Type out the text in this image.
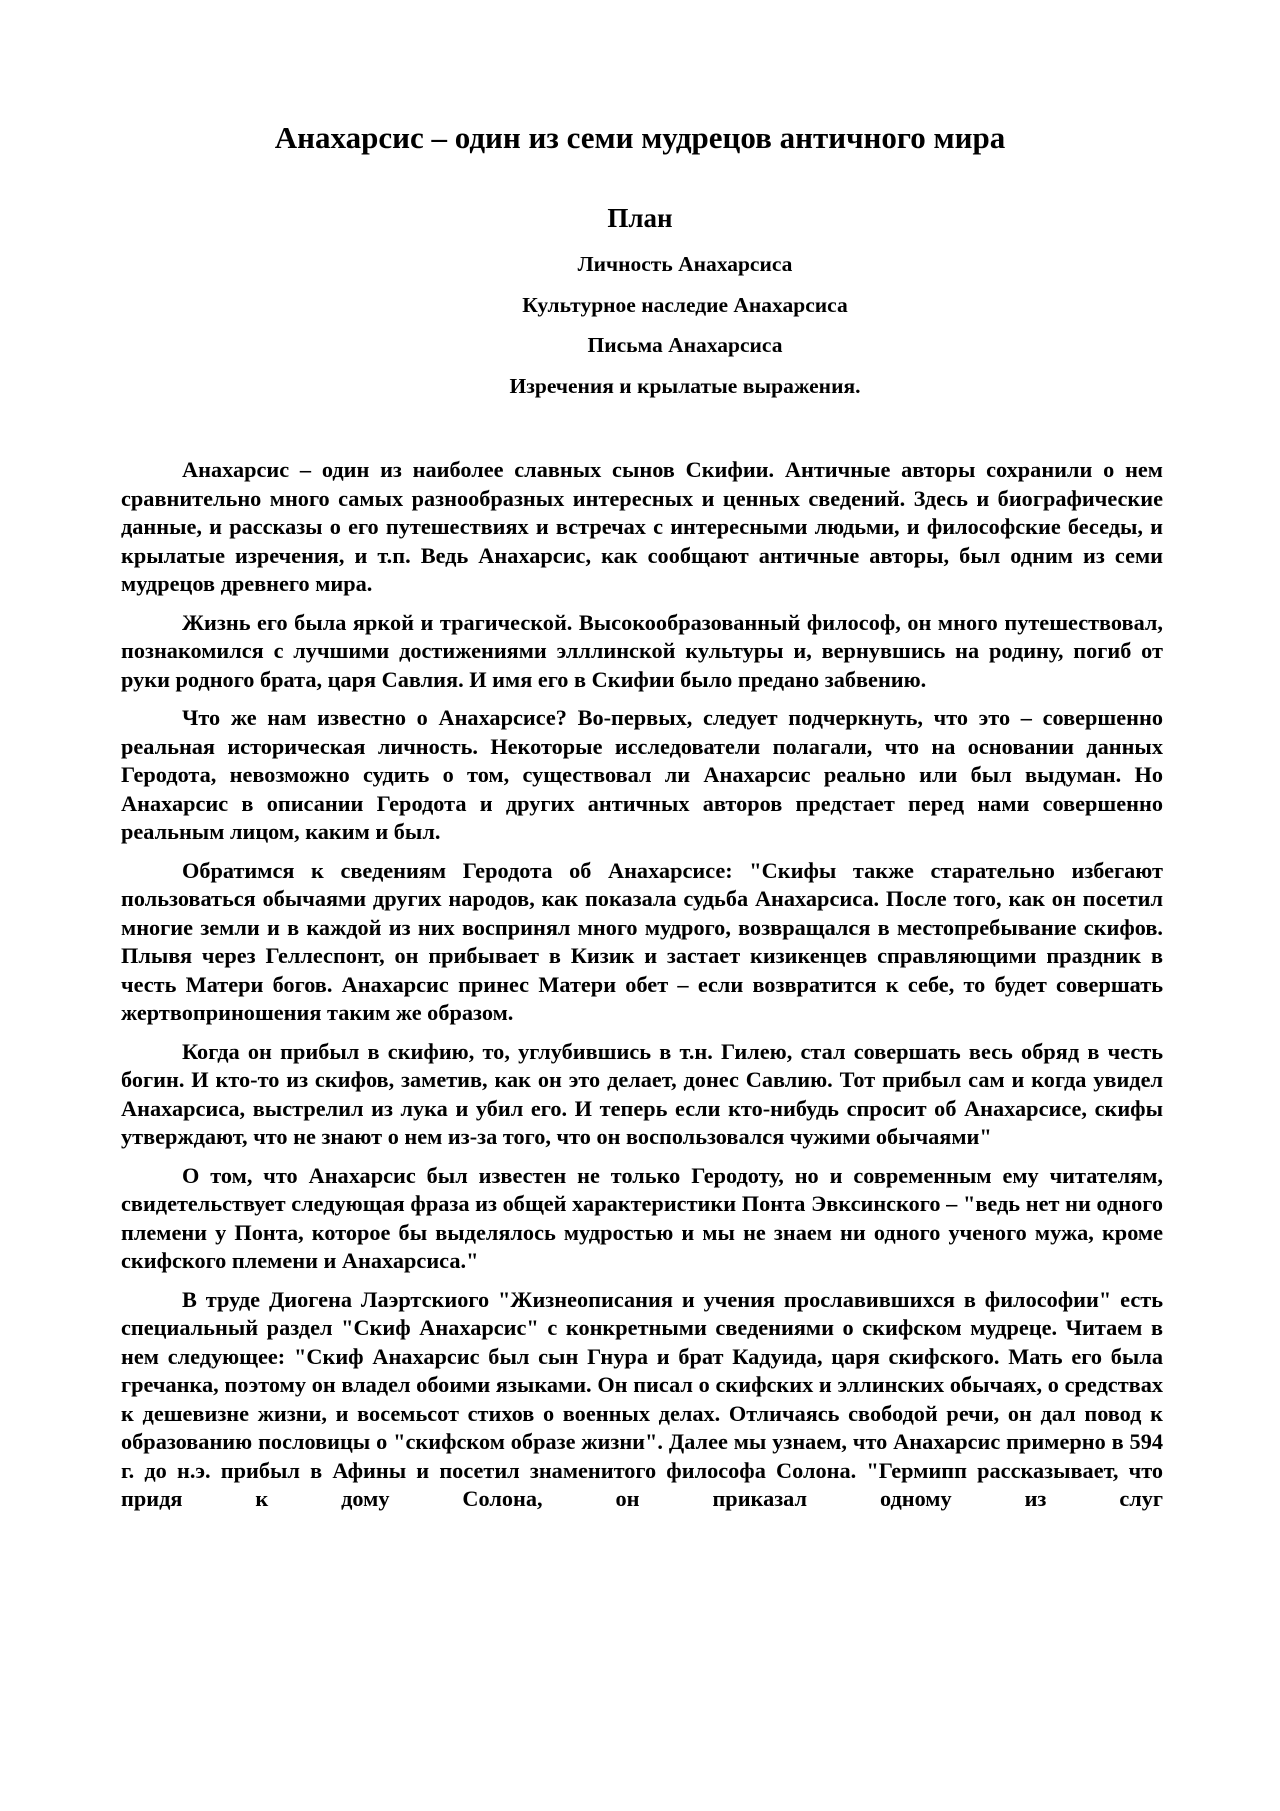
Анахарсис – один из семи мудрецов античного мира
План
Личность Анахарсиса
Культурное наследие Анахарсиса
Письма Анахарсиса
Изречения и крылатые выражения.

Анахарсис – один из наиболее славных сынов Скифии. Античные авторы сохранили о нем сравнительно много самых разнообразных интересных и ценных сведений. Здесь и биографические данные, и рассказы о его путешествиях и встречах с интересными людьми, и философские беседы, и крылатые изречения, и т.п. Ведь Анахарсис, как сообщают античные авторы, был одним из семи мудрецов древнего мира.

Жизнь его была яркой и трагической. Высокообразованный философ, он много путешествовал, познакомился с лучшими достижениями элллинской культуры и, вернувшись на родину, погиб от руки родного брата, царя Савлия. И имя его в Скифии было предано забвению.

Что же нам известно о Анахарсисе? Во-первых, следует подчеркнуть, что это – совершенно реальная историческая личность. Некоторые исследователи полагали, что на основании данных Геродота, невозможно судить о том, существовал ли Анахарсис реально или был выдуман. Но Анахарсис в описании Геродота и других античных авторов предстает перед нами совершенно реальным лицом, каким и был.

Обратимся к сведениям Геродота об Анахарсисе: "Скифы также старательно избегают пользоваться обычаями других народов, как показала судьба Анахарсиса. После того, как он посетил многие земли и в каждой из них воспринял много мудрого, возвращался в местопребывание скифов. Плывя через Геллеспонт, он прибывает в Кизик и застает кизикенцев справляющими праздник в честь Матери богов. Анахарсис принес Матери обет – если возвратится к себе, то будет совершать жертвоприношения таким же образом.

Когда он прибыл в скифию, то, углубившись в т.н. Гилею, стал совершать весь обряд в честь богин. И кто-то из скифов, заметив, как он это делает, донес Савлию. Тот прибыл сам и когда увидел Анахарсиса, выстрелил из лука и убил его. И теперь если кто-нибудь спросит об Анахарсисе, скифы утверждают, что не знают о нем из-за того, что он воспользовался чужими обычаями"

О том, что Анахарсис был известен не только Геродоту, но и современным ему читателям, свидетельствует следующая фраза из общей характеристики Понта Эвксинского – "ведь нет ни одного племени у Понта, которое бы выделялось мудростью и мы не знаем ни одного ученого мужа, кроме скифского племени и Анахарсиса."

В труде Диогена Лаэртскиого "Жизнеописания и учения прославившихся в философии" есть специальный раздел "Скиф Анахарсис" с конкретными сведениями о скифском мудреце. Читаем в нем следующее: "Скиф Анахарсис был сын Гнура и брат Кадуида, царя скифского. Мать его была гречанка, поэтому он владел обоими языками. Он писал о скифских и эллинских обычаях, о средствах к дешевизне жизни, и восемьсот стихов о военных делах. Отличаясь свободой речи, он дал повод к образованию пословицы о "скифском образе жизни". Далее мы узнаем, что Анахарсис примерно в 594 г. до н.э. прибыл в Афины и посетил знаменитого философа Солона. "Гермипп рассказывает, что придя к дому Солона, он приказал одному из слуг
